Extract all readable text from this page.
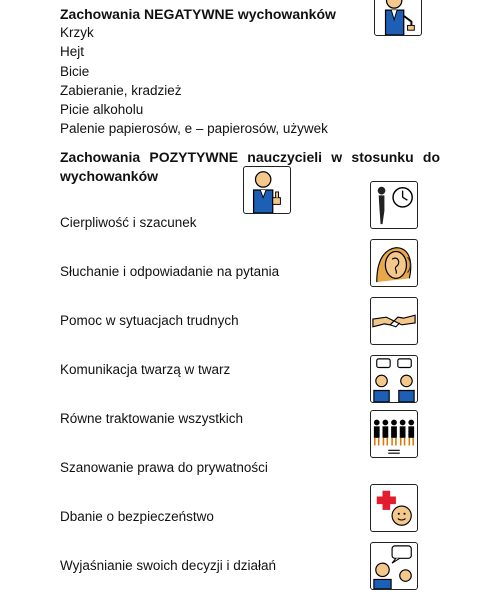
Zachowania NEGATYWNE wychowanków
Krzyk
Hejt
Bicie
Zabieranie, kradzież
Picie alkoholu
Palenie papierosów, e – papierosów, używek
Zachowania POZYTYWNE nauczycieli w stosunku do wychowanków
Cierpliwość i szacunek
Słuchanie i odpowiadanie na pytania
Pomoc w sytuacjach trudnych
Komunikacja twarzą w twarz
Równe traktowanie wszystkich
Szanowanie prawa do prywatności
Dbanie o bezpieczeństwo
Wyjaśnianie swoich decyzji i działań
